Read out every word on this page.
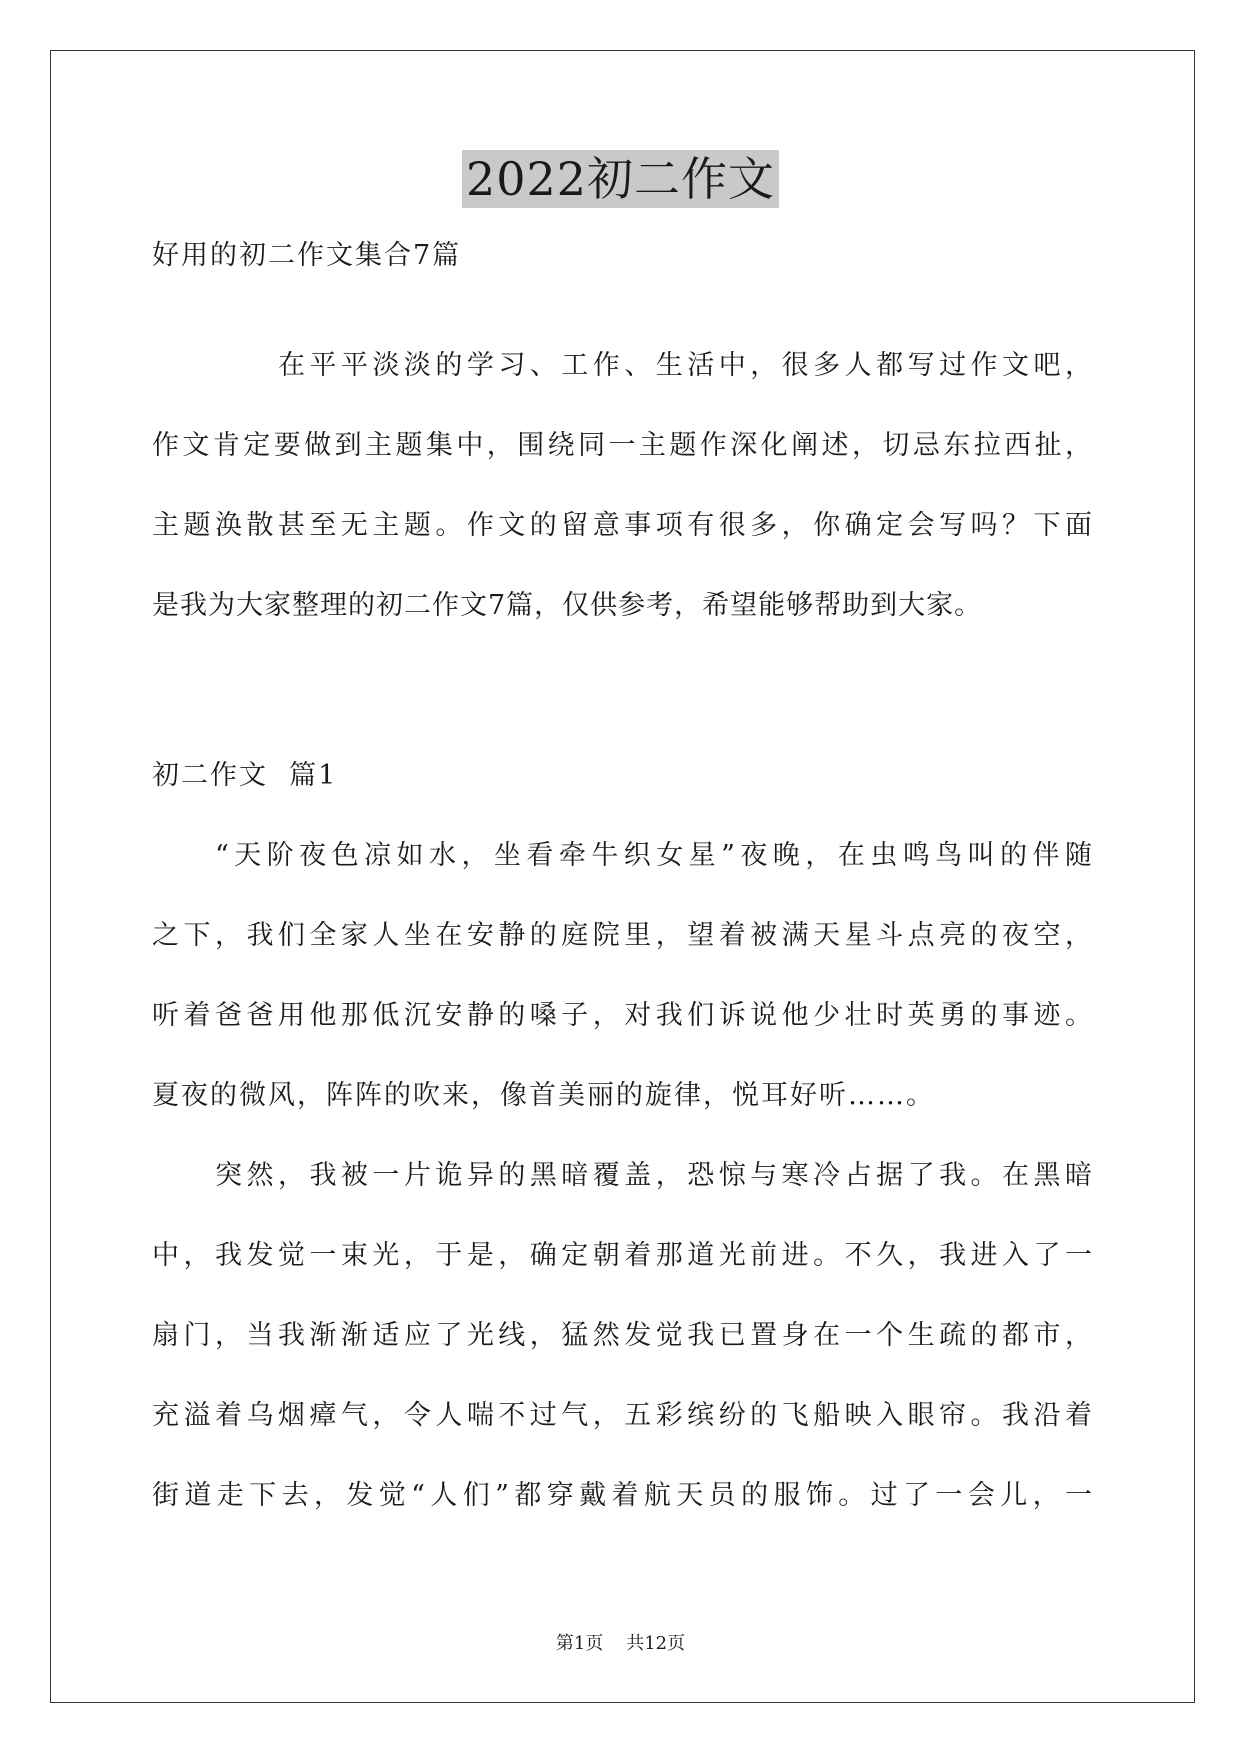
2022初二作文
好用的初二作文集合7篇
在平平淡淡的学习、工作、生活中，很多人都写过作文吧，
作文肯定要做到主题集中，围绕同一主题作深化阐述，切忌东拉西扯，
主题涣散甚至无主题。作文的留意事项有很多，你确定会写吗？下面
是我为大家整理的初二作文7篇，仅供参考，希望能够帮助到大家。
初二作文  篇1
“天阶夜色凉如水，坐看牵牛织女星”夜晚，在虫鸣鸟叫的伴随
之下，我们全家人坐在安静的庭院里，望着被满天星斗点亮的夜空，
听着爸爸用他那低沉安静的嗓子，对我们诉说他少壮时英勇的事迹。
夏夜的微风，阵阵的吹来，像首美丽的旋律，悦耳好听……。
突然，我被一片诡异的黑暗覆盖，恐惊与寒冷占据了我。在黑暗
中，我发觉一束光，于是，确定朝着那道光前进。不久，我进入了一
扇门，当我渐渐适应了光线，猛然发觉我已置身在一个生疏的都市，
充溢着乌烟瘴气，令人喘不过气，五彩缤纷的飞船映入眼帘。我沿着
街道走下去，发觉“人们”都穿戴着航天员的服饰。过了一会儿，一
第1页    共12页
